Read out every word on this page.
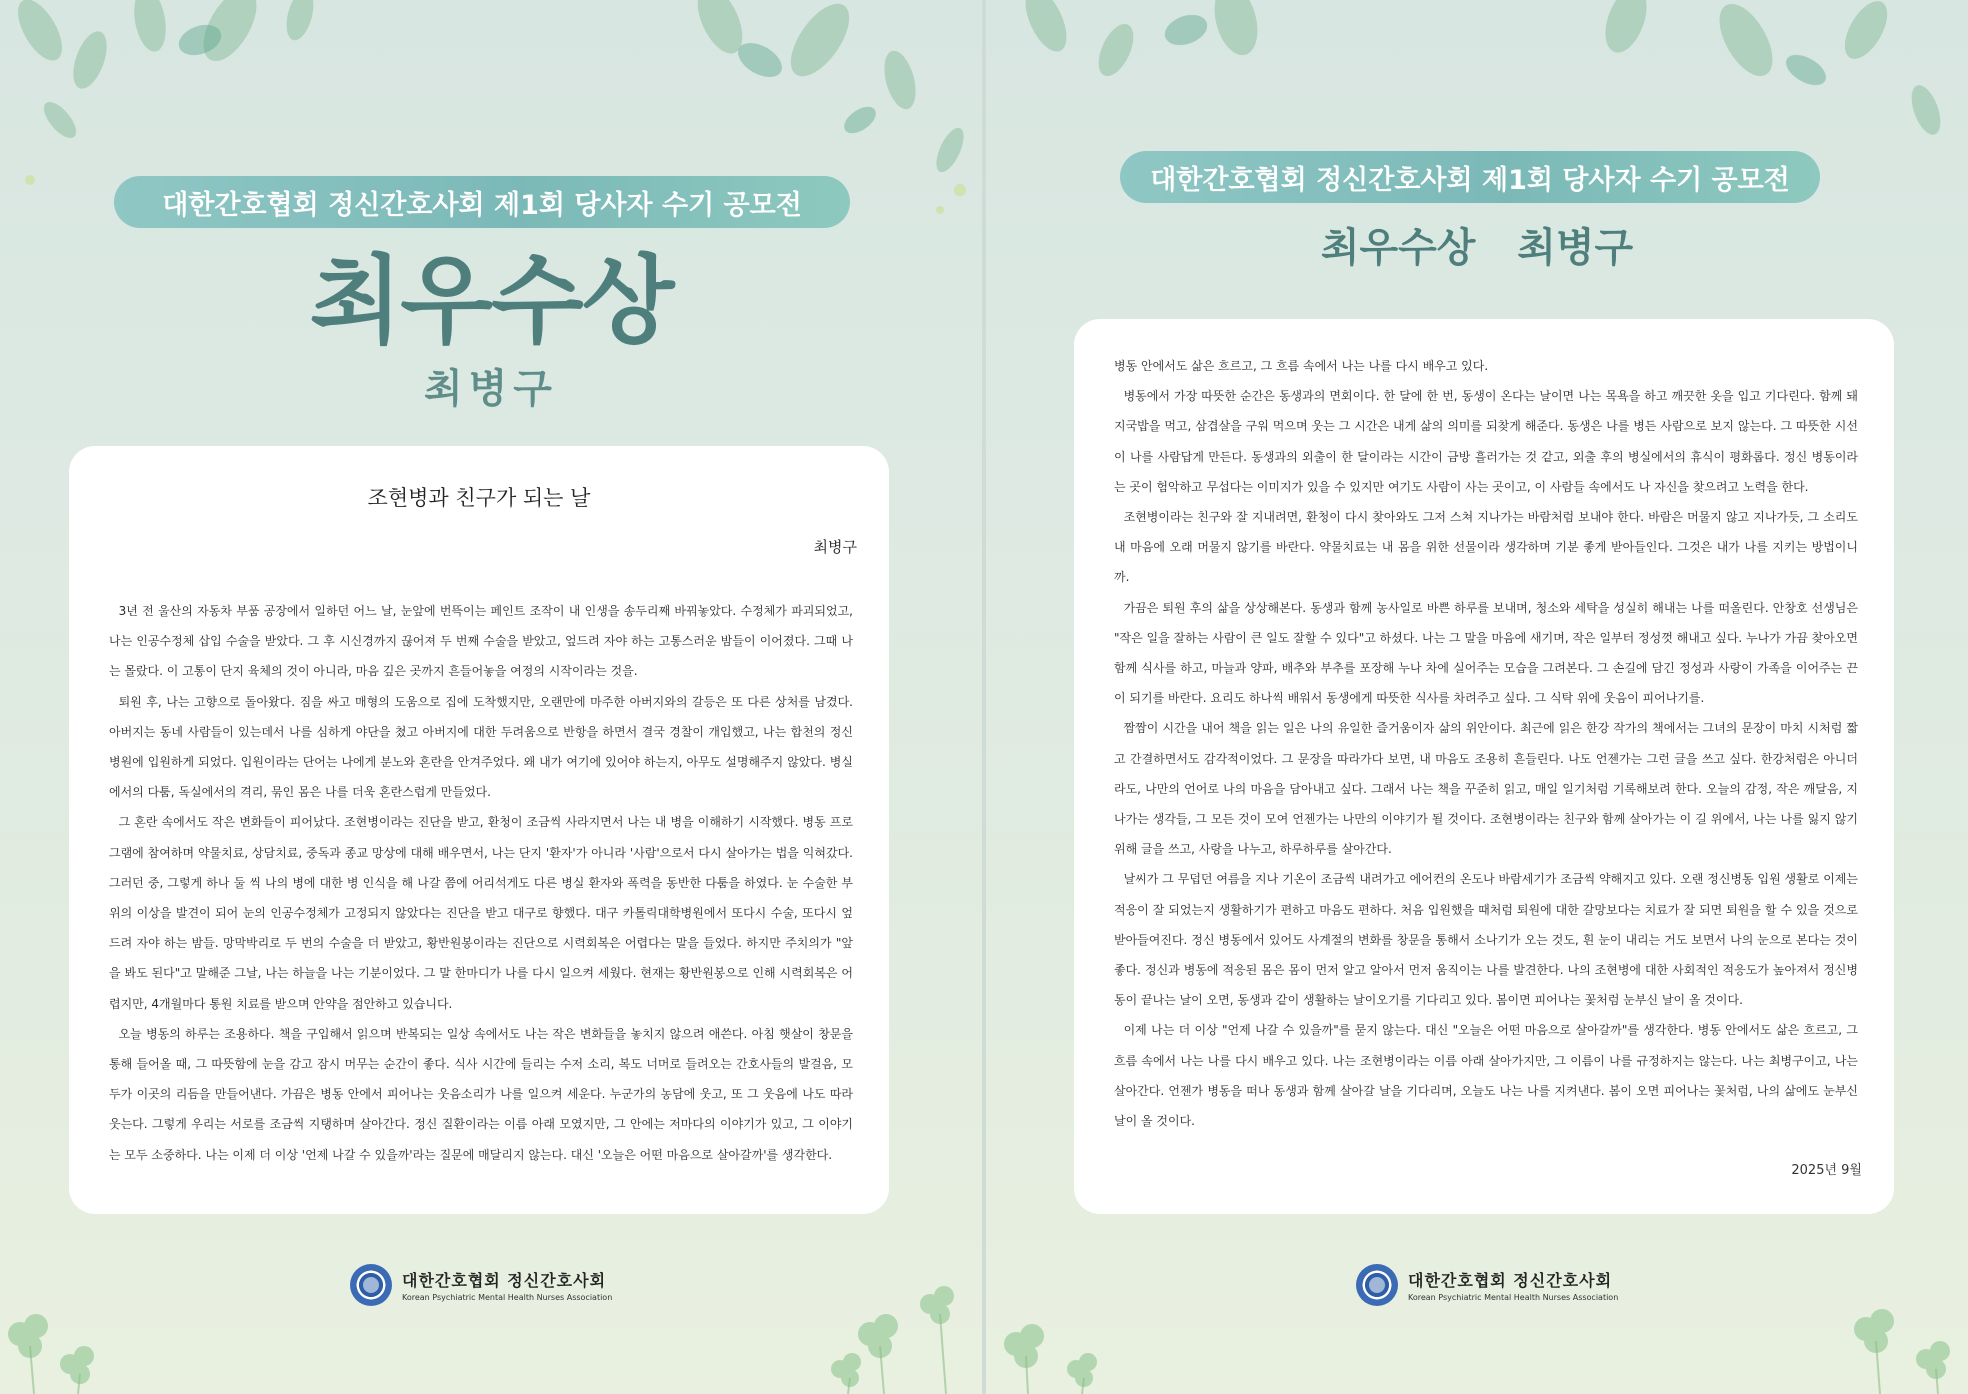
대한간호협회 정신간호사회 제1회 당사자 수기 공모전
최우수상
최병구
조현병과 친구가 되는 날
최병구

3년 전 울산의 자동차 부품 공장에서 일하던 어느 날, 눈앞에 번뜩이는 페인트 조작이 내 인생을 송두리째 바꿔놓았다. 수정체가 파괴되었고, 나는 인공수정체 삽입 수술을 받았다. 그 후 시신경까지 끊어져 두 번째 수술을 받았고, 엎드려 자야 하는 고통스러운 밤들이 이어졌다. 그때 나는 몰랐다. 이 고통이 단지 육체의 것이 아니라, 마음 깊은 곳까지 흔들어놓을 여정의 시작이라는 것을.

퇴원 후, 나는 고향으로 돌아왔다. 짐을 싸고 매형의 도움으로 집에 도착했지만, 오랜만에 마주한 아버지와의 갈등은 또 다른 상처를 남겼다. 아버지는 동네 사람들이 있는데서 나를 심하게 야단을 쳤고 아버지에 대한 두려움으로 반항을 하면서 결국 경찰이 개입했고, 나는 합천의 정신병원에 입원하게 되었다. 입원이라는 단어는 나에게 분노와 혼란을 안겨주었다. 왜 내가 여기에 있어야 하는지, 아무도 설명해주지 않았다. 병실에서의 다툼, 독실에서의 격리, 묶인 몸은 나를 더욱 혼란스럽게 만들었다.

그 혼란 속에서도 작은 변화들이 피어났다. 조현병이라는 진단을 받고, 환청이 조금씩 사라지면서 나는 내 병을 이해하기 시작했다. 병동 프로그램에 참여하며 약물치료, 상담치료, 중독과 종교 망상에 대해 배우면서, 나는 단지 '환자'가 아니라 '사람'으로서 다시 살아가는 법을 익혀갔다. 그러던 중, 그렇게 하나 둘 씩 나의 병에 대한 병 인식을 해 나갈 쯤에 어리석게도 다른 병실 환자와 폭력을 동반한 다툼을 하였다. 눈 수술한 부위의 이상을 발견이 되어 눈의 인공수정체가 고정되지 않았다는 진단을 받고 대구로 향했다. 대구 카톨릭대학병원에서 또다시 수술, 또다시 엎드려 자야 하는 밤들. 망막박리로 두 번의 수술을 더 받았고, 황반원봉이라는 진단으로 시력회복은 어렵다는 말을 들었다. 하지만 주치의가 "앞을 봐도 된다"고 말해준 그날, 나는 하늘을 나는 기분이었다. 그 말 한마디가 나를 다시 일으켜 세웠다. 현재는 황반원봉으로 인해 시력회복은 어렵지만, 4개월마다 통원 치료를 받으며 안약을 점안하고 있습니다.

오늘 병동의 하루는 조용하다. 책을 구입해서 읽으며 반복되는 일상 속에서도 나는 작은 변화들을 놓치지 않으려 애쓴다. 아침 햇살이 창문을 통해 들어올 때, 그 따뜻함에 눈을 감고 잠시 머무는 순간이 좋다. 식사 시간에 들리는 수저 소리, 복도 너머로 들려오는 간호사들의 발걸음, 모두가 이곳의 리듬을 만들어낸다. 가끔은 병동 안에서 피어나는 웃음소리가 나를 일으켜 세운다. 누군가의 농담에 웃고, 또 그 웃음에 나도 따라 웃는다. 그렇게 우리는 서로를 조금씩 지탱하며 살아간다. 정신 질환이라는 이름 아래 모였지만, 그 안에는 저마다의 이야기가 있고, 그 이야기는 모두 소중하다. 나는 이제 더 이상 '언제 나갈 수 있을까'라는 질문에 매달리지 않는다. 대신 '오늘은 어떤 마음으로 살아갈까'를 생각한다.

대한간호협회 정신간호사회
Korean Psychiatric Mental Health Nurses Association
대한간호협회 정신간호사회 제1회 당사자 수기 공모전
최우수상 최병구

병동 안에서도 삶은 흐르고, 그 흐름 속에서 나는 나를 다시 배우고 있다.

병동에서 가장 따뜻한 순간은 동생과의 면회이다. 한 달에 한 번, 동생이 온다는 날이면 나는 목욕을 하고 깨끗한 옷을 입고 기다린다. 함께 돼지국밥을 먹고, 삼겹살을 구워 먹으며 웃는 그 시간은 내게 삶의 의미를 되찾게 해준다. 동생은 나를 병든 사람으로 보지 않는다. 그 따뜻한 시선이 나를 사람답게 만든다. 동생과의 외출이 한 달이라는 시간이 금방 흘러가는 것 같고, 외출 후의 병실에서의 휴식이 평화롭다. 정신 병동이라는 곳이 험악하고 무섭다는 이미지가 있을 수 있지만 여기도 사람이 사는 곳이고, 이 사람들 속에서도 나 자신을 찾으려고 노력을 한다.

조현병이라는 친구와 잘 지내려면, 환청이 다시 찾아와도 그저 스쳐 지나가는 바람처럼 보내야 한다. 바람은 머물지 않고 지나가듯, 그 소리도 내 마음에 오래 머물지 않기를 바란다. 약물치료는 내 몸을 위한 선물이라 생각하며 기분 좋게 받아들인다. 그것은 내가 나를 지키는 방법이니까.

가끔은 퇴원 후의 삶을 상상해본다. 동생과 함께 농사일로 바쁜 하루를 보내며, 청소와 세탁을 성실히 해내는 나를 떠올린다. 안창호 선생님은 "작은 일을 잘하는 사람이 큰 일도 잘할 수 있다"고 하셨다. 나는 그 말을 마음에 새기며, 작은 일부터 정성껏 해내고 싶다. 누나가 가끔 찾아오면 함께 식사를 하고, 마늘과 양파, 배추와 부추를 포장해 누나 차에 실어주는 모습을 그려본다. 그 손길에 담긴 정성과 사랑이 가족을 이어주는 끈이 되기를 바란다. 요리도 하나씩 배워서 동생에게 따뜻한 식사를 차려주고 싶다. 그 식탁 위에 웃음이 피어나기를.

짬짬이 시간을 내어 책을 읽는 일은 나의 유일한 즐거움이자 삶의 위안이다. 최근에 읽은 한강 작가의 책에서는 그녀의 문장이 마치 시처럼 짧고 간결하면서도 감각적이었다. 그 문장을 따라가다 보면, 내 마음도 조용히 흔들린다. 나도 언젠가는 그런 글을 쓰고 싶다. 한강처럼은 아니더라도, 나만의 언어로 나의 마음을 담아내고 싶다. 그래서 나는 책을 꾸준히 읽고, 매일 일기처럼 기록해보려 한다. 오늘의 감정, 작은 깨달음, 지나가는 생각들, 그 모든 것이 모여 언젠가는 나만의 이야기가 될 것이다. 조현병이라는 친구와 함께 살아가는 이 길 위에서, 나는 나를 잃지 않기 위해 글을 쓰고, 사랑을 나누고, 하루하루를 살아간다.

날씨가 그 무덥던 여름을 지나 기온이 조금씩 내려가고 에어컨의 온도나 바람세기가 조금씩 약해지고 있다. 오랜 정신병동 입원 생활로 이제는 적응이 잘 되었는지 생활하기가 편하고 마음도 편하다. 처음 입원했을 때처럼 퇴원에 대한 갈망보다는 치료가 잘 되면 퇴원을 할 수 있을 것으로 받아들여진다. 정신 병동에서 있어도 사계절의 변화를 창문을 통해서 소나기가 오는 것도, 흰 눈이 내리는 거도 보면서 나의 눈으로 본다는 것이 좋다. 정신과 병동에 적응된 몸은 몸이 먼저 알고 알아서 먼저 움직이는 나를 발견한다. 나의 조현병에 대한 사회적인 적응도가 높아져서 정신병동이 끝나는 날이 오면, 동생과 같이 생활하는 날이오기를 기다리고 있다. 봄이면 피어나는 꽃처럼 눈부신 날이 올 것이다.

이제 나는 더 이상 "언제 나갈 수 있을까"를 묻지 않는다. 대신 "오늘은 어떤 마음으로 살아갈까"를 생각한다. 병동 안에서도 삶은 흐르고, 그 흐름 속에서 나는 나를 다시 배우고 있다. 나는 조현병이라는 이름 아래 살아가지만, 그 이름이 나를 규정하지는 않는다. 나는 최병구이고, 나는 살아간다. 언젠가 병동을 떠나 동생과 함께 살아갈 날을 기다리며, 오늘도 나는 나를 지켜낸다. 봄이 오면 피어나는 꽃처럼, 나의 삶에도 눈부신 날이 올 것이다.

2025년 9월
대한간호협회 정신간호사회
Korean Psychiatric Mental Health Nurses Association
